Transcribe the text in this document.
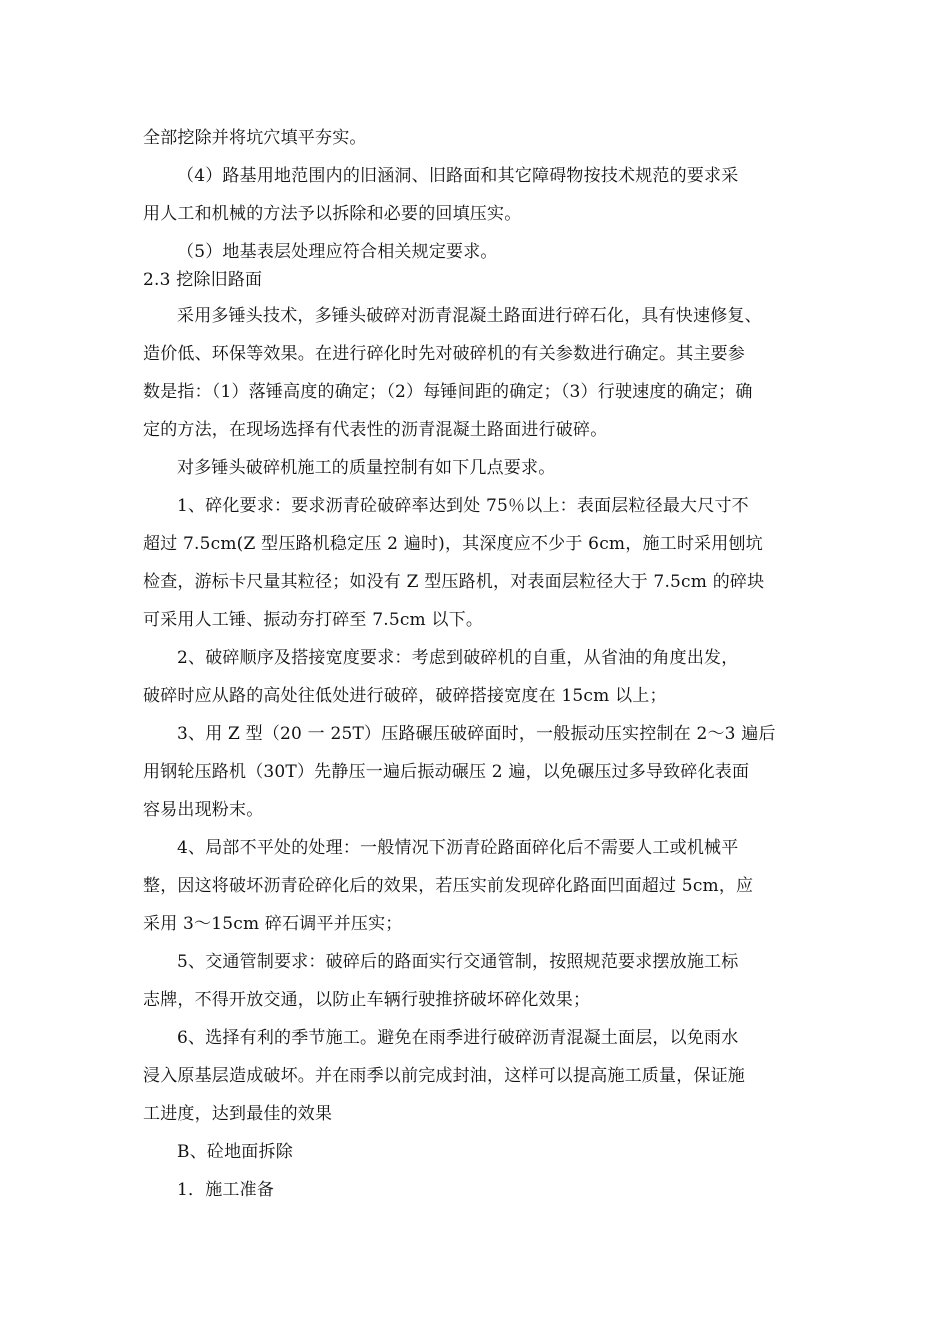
全部挖除并将坑穴填平夯实。
（4）路基用地范围内的旧涵洞、旧路面和其它障碍物按技术规范的要求采
用人工和机械的方法予以拆除和必要的回填压实。
（5）地基表层处理应符合相关规定要求。
2.3 挖除旧路面
采用多锤头技术，多锤头破碎对沥青混凝土路面进行碎石化，具有快速修复、
造价低、环保等效果。在进行碎化时先对破碎机的有关参数进行确定。其主要参
数是指：（1）落锤高度的确定；（2）每锤间距的确定；（3）行驶速度的确定；确
定的方法，在现场选择有代表性的沥青混凝土路面进行破碎。
对多锤头破碎机施工的质量控制有如下几点要求。
1、碎化要求：要求沥青砼破碎率达到处 75％以上：表面层粒径最大尺寸不
超过 7.5cm(Z 型压路机稳定压 2 遍时)，其深度应不少于 6cm，施工时采用刨坑
检查，游标卡尺量其粒径；如没有 Z 型压路机，对表面层粒径大于 7.5cm 的碎块
可采用人工锤、振动夯打碎至 7.5cm 以下。
2、破碎顺序及搭接宽度要求：考虑到破碎机的自重，从省油的角度出发，
破碎时应从路的高处往低处进行破碎，破碎搭接宽度在 15cm 以上；
3、用 Z 型（20 一 25T）压路碾压破碎面时，一般振动压实控制在 2～3 遍后
用钢轮压路机（30T）先静压一遍后振动碾压 2 遍，以免碾压过多导致碎化表面
容易出现粉末。
4、局部不平处的处理：一般情况下沥青砼路面碎化后不需要人工或机械平
整，因这将破坏沥青砼碎化后的效果，若压实前发现碎化路面凹面超过 5cm，应
采用 3～15cm 碎石调平并压实；
5、交通管制要求：破碎后的路面实行交通管制，按照规范要求摆放施工标
志牌，不得开放交通，以防止车辆行驶推挤破坏碎化效果；
6、选择有利的季节施工。避免在雨季进行破碎沥青混凝土面层，以免雨水
浸入原基层造成破坏。并在雨季以前完成封油，这样可以提高施工质量，保证施
工进度，达到最佳的效果
B、砼地面拆除
1．施工准备
